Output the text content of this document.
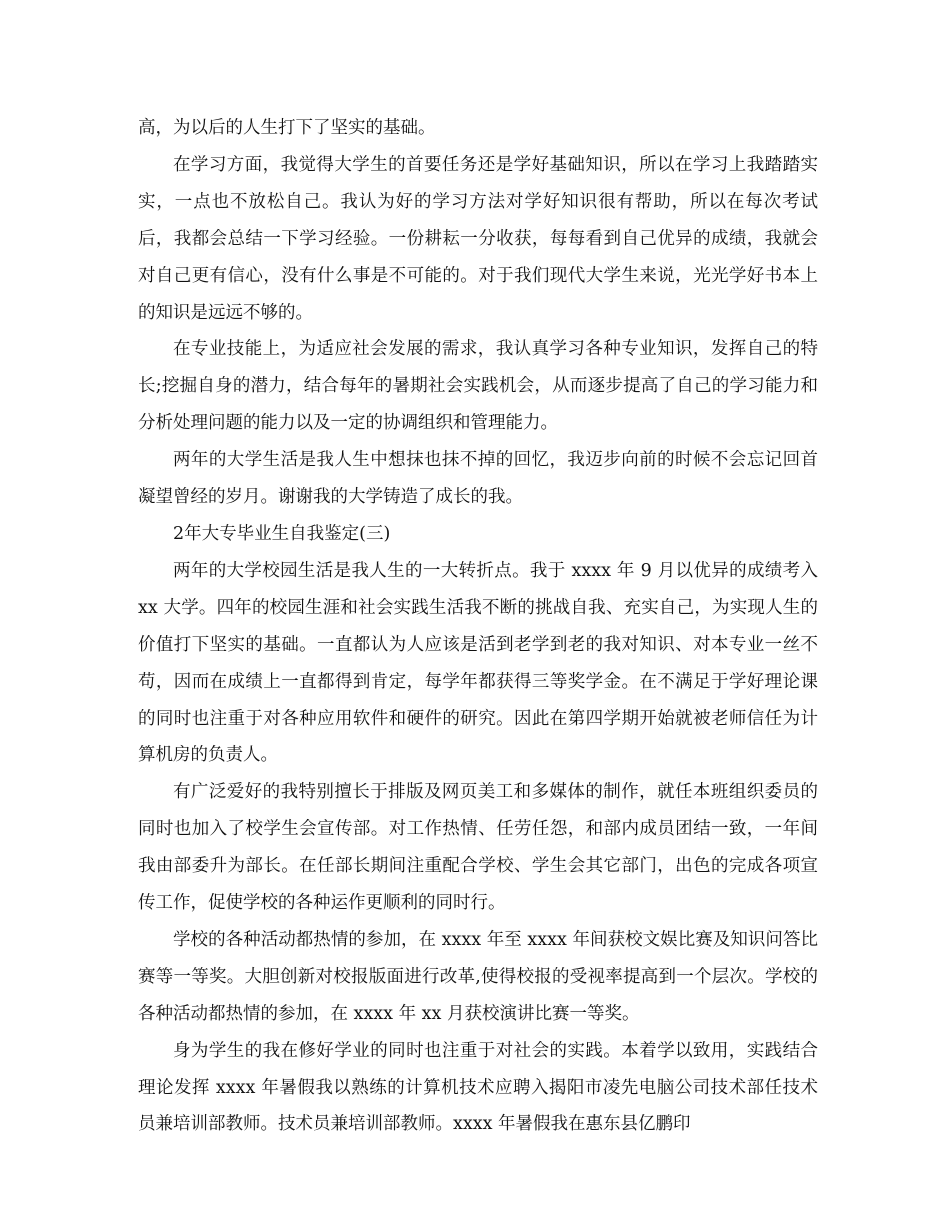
高，为以后的人生打下了坚实的基础。

在学习方面，我觉得大学生的首要任务还是学好基础知识，所以在学习上我踏踏实实，一点也不放松自己。我认为好的学习方法对学好知识很有帮助，所以在每次考试后，我都会总结一下学习经验。一份耕耘一分收获，每每看到自己优异的成绩，我就会对自己更有信心，没有什么事是不可能的。对于我们现代大学生来说，光光学好书本上的知识是远远不够的。

在专业技能上，为适应社会发展的需求，我认真学习各种专业知识，发挥自己的特长;挖掘自身的潜力，结合每年的暑期社会实践机会，从而逐步提高了自己的学习能力和分析处理问题的能力以及一定的协调组织和管理能力。

两年的大学生活是我人生中想抹也抹不掉的回忆，我迈步向前的时候不会忘记回首凝望曾经的岁月。谢谢我的大学铸造了成长的我。

2年大专毕业生自我鉴定(三)

两年的大学校园生活是我人生的一大转折点。我于 xxxx 年 9 月以优异的成绩考入 xx 大学。四年的校园生涯和社会实践生活我不断的挑战自我、充实自己，为实现人生的价值打下坚实的基础。一直都认为人应该是活到老学到老的我对知识、对本专业一丝不苟，因而在成绩上一直都得到肯定，每学年都获得三等奖学金。在不满足于学好理论课的同时也注重于对各种应用软件和硬件的研究。因此在第四学期开始就被老师信任为计算机房的负责人。

有广泛爱好的我特别擅长于排版及网页美工和多媒体的制作，就任本班组织委员的同时也加入了校学生会宣传部。对工作热情、任劳任怨，和部内成员团结一致，一年间我由部委升为部长。在任部长期间注重配合学校、学生会其它部门，出色的完成各项宣传工作，促使学校的各种运作更顺利的同时行。

学校的各种活动都热情的参加，在 xxxx 年至 xxxx 年间获校文娱比赛及知识问答比赛等一等奖。大胆创新对校报版面进行改革,使得校报的受视率提高到一个层次。学校的各种活动都热情的参加，在 xxxx 年 xx 月获校演讲比赛一等奖。

身为学生的我在修好学业的同时也注重于对社会的实践。本着学以致用，实践结合理论发挥 xxxx 年暑假我以熟练的计算机技术应聘入揭阳市凌先电脑公司技术部任技术员兼培训部教师。技术员兼培训部教师。xxxx 年暑假我在惠东县亿鹏印
